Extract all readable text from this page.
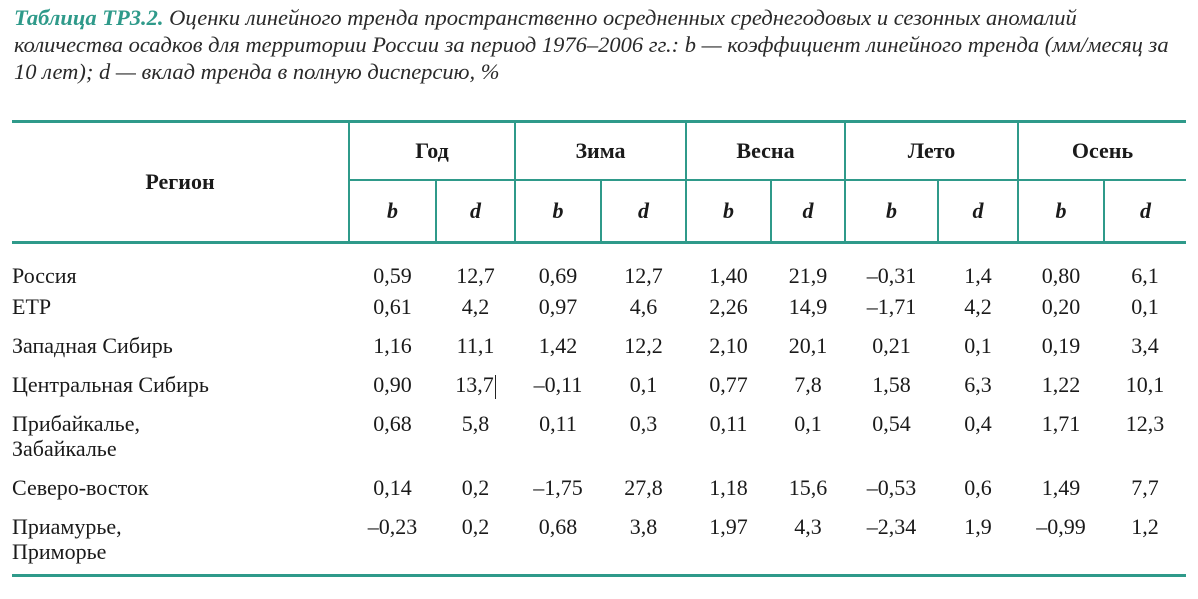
Таблица ТР3.2. Оценки линейного тренда пространственно осредненных среднегодовых и сезонных аномалий количества осадков для территории России за период 1976–2006 гг.: b — коэффициент линейного тренда (мм/месяц за 10 лет); d — вклад тренда в полную дисперсию, %
Регион	Год		Зима		Весна		Лето		Осень	
	b	d	b	d	b	d	b	d	b	d
Россия	0,59	12,7	0,69	12,7	1,40	21,9	–0,31	1,4	0,80	6,1
ЕТР	0,61	4,2	0,97	4,6	2,26	14,9	–1,71	4,2	0,20	0,1
Западная Сибирь	1,16	11,1	1,42	12,2	2,10	20,1	0,21	0,1	0,19	3,4
Центральная Сибирь	0,90	13,7	–0,11	0,1	0,77	7,8	1,58	6,3	1,22	10,1

Прибайкалье,
Забайкалье	0,68	5,8	0,11	0,3	0,11	0,1	0,54	0,4	1,71	12,3
Северо-восток	0,14	0,2	–1,75	27,8	1,18	15,6	–0,53	0,6	1,49	7,7

Приамурье,
Приморье	–0,23	0,2	0,68	3,8	1,97	4,3	–2,34	1,9	–0,99	1,2
